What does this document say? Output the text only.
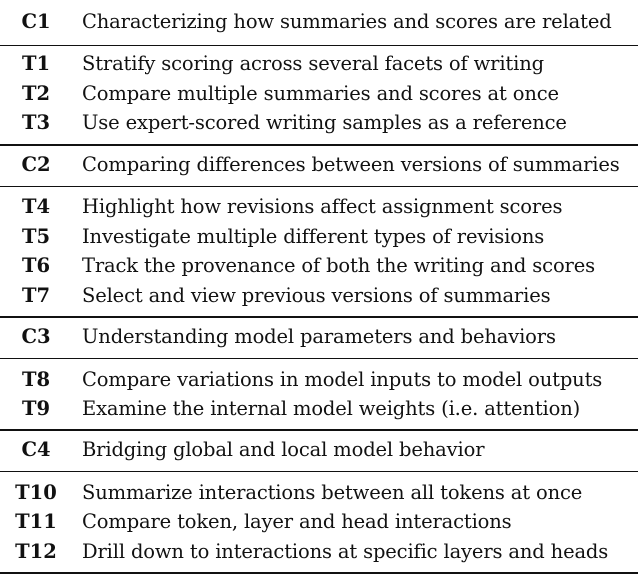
C1	Characterizing how summaries and scores are related
T1	Stratify scoring across several facets of writing
T2	Compare multiple summaries and scores at once
T3	Use expert-scored writing samples as a reference
C2	Comparing differences between versions of summaries
T4	Highlight how revisions affect assignment scores
T5	Investigate multiple different types of revisions
T6	Track the provenance of both the writing and scores
T7	Select and view previous versions of summaries
C3	Understanding model parameters and behaviors
T8	Compare variations in model inputs to model outputs
T9	Examine the internal model weights (i.e. attention)
C4	Bridging global and local model behavior
T10	Summarize interactions between all tokens at once
T11	Compare token, layer and head interactions
T12	Drill down to interactions at specific layers and heads
